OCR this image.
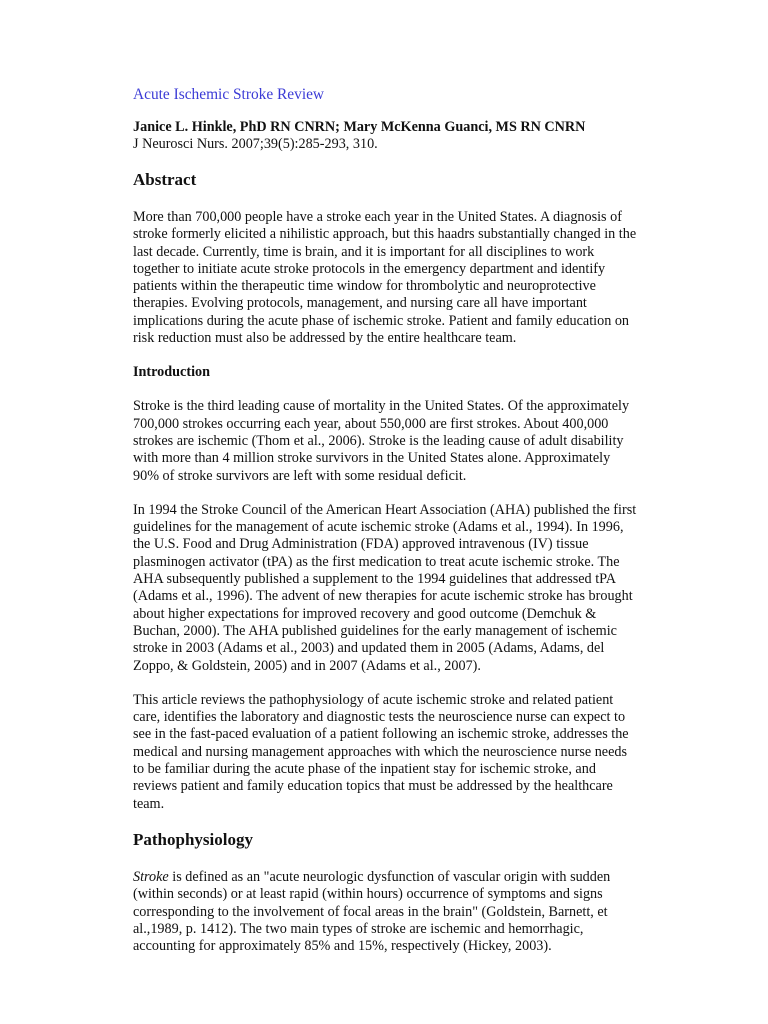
Acute Ischemic Stroke Review
Janice L. Hinkle, PhD RN CNRN; Mary McKenna Guanci, MS RN CNRN
J Neurosci Nurs. 2007;39(5):285-293, 310.
Abstract

More than 700,000 people have a stroke each year in the United States. A diagnosis of stroke formerly elicited a nihilistic approach, but this haadrs substantially changed in the last decade. Currently, time is brain, and it is important for all disciplines to work together to initiate acute stroke protocols in the emergency department and identify patients within the therapeutic time window for thrombolytic and neuroprotective therapies. Evolving protocols, management, and nursing care all have important implications during the acute phase of ischemic stroke. Patient and family education on risk reduction must also be addressed by the entire healthcare team.

Introduction

Stroke is the third leading cause of mortality in the United States. Of the approximately 700,000 strokes occurring each year, about 550,000 are first strokes. About 400,000 strokes are ischemic (Thom et al., 2006). Stroke is the leading cause of adult disability with more than 4 million stroke survivors in the United States alone. Approximately 90% of stroke survivors are left with some residual deficit.

In 1994 the Stroke Council of the American Heart Association (AHA) published the first guidelines for the management of acute ischemic stroke (Adams et al., 1994). In 1996, the U.S. Food and Drug Administration (FDA) approved intravenous (IV) tissue plasminogen activator (tPA) as the first medication to treat acute ischemic stroke. The AHA subsequently published a supplement to the 1994 guidelines that addressed tPA (Adams et al., 1996). The advent of new therapies for acute ischemic stroke has brought about higher expectations for improved recovery and good outcome (Demchuk & Buchan, 2000). The AHA published guidelines for the early management of ischemic stroke in 2003 (Adams et al., 2003) and updated them in 2005 (Adams, Adams, del Zoppo, & Goldstein, 2005) and in 2007 (Adams et al., 2007).

This article reviews the pathophysiology of acute ischemic stroke and related patient care, identifies the laboratory and diagnostic tests the neuroscience nurse can expect to see in the fast-paced evaluation of a patient following an ischemic stroke, addresses the medical and nursing management approaches with which the neuroscience nurse needs to be familiar during the acute phase of the inpatient stay for ischemic stroke, and reviews patient and family education topics that must be addressed by the healthcare team.

Pathophysiology

Stroke is defined as an "acute neurologic dysfunction of vascular origin with sudden (within seconds) or at least rapid (within hours) occurrence of symptoms and signs corresponding to the involvement of focal areas in the brain" (Goldstein, Barnett, et al.,1989, p. 1412). The two main types of stroke are ischemic and hemorrhagic, accounting for approximately 85% and 15%, respectively (Hickey, 2003).
